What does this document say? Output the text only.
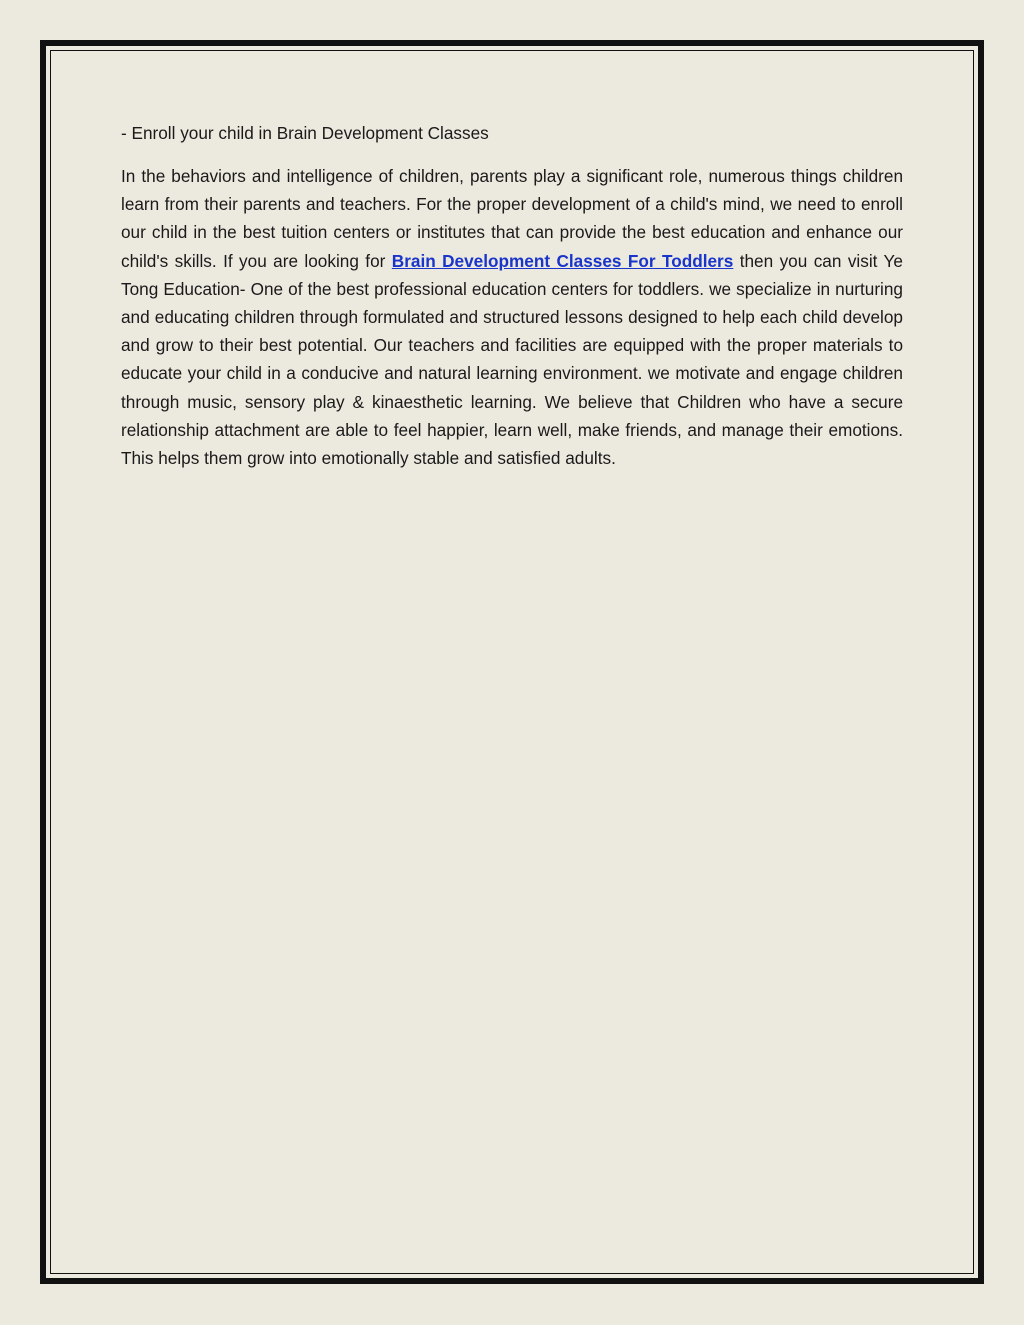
- Enroll your child in Brain Development Classes

In the behaviors and intelligence of children, parents play a significant role, numerous things children learn from their parents and teachers. For the proper development of a child's mind, we need to enroll our child in the best tuition centers or institutes that can provide the best education and enhance our child's skills. If you are looking for Brain Development Classes For Toddlers then you can visit Ye Tong Education- One of the best professional education centers for toddlers. we specialize in nurturing and educating children through formulated and structured lessons designed to help each child develop and grow to their best potential. Our teachers and facilities are equipped with the proper materials to educate your child in a conducive and natural learning environment. we motivate and engage children through music, sensory play & kinaesthetic learning. We believe that Children who have a secure relationship attachment are able to feel happier, learn well, make friends, and manage their emotions. This helps them grow into emotionally stable and satisfied adults.
